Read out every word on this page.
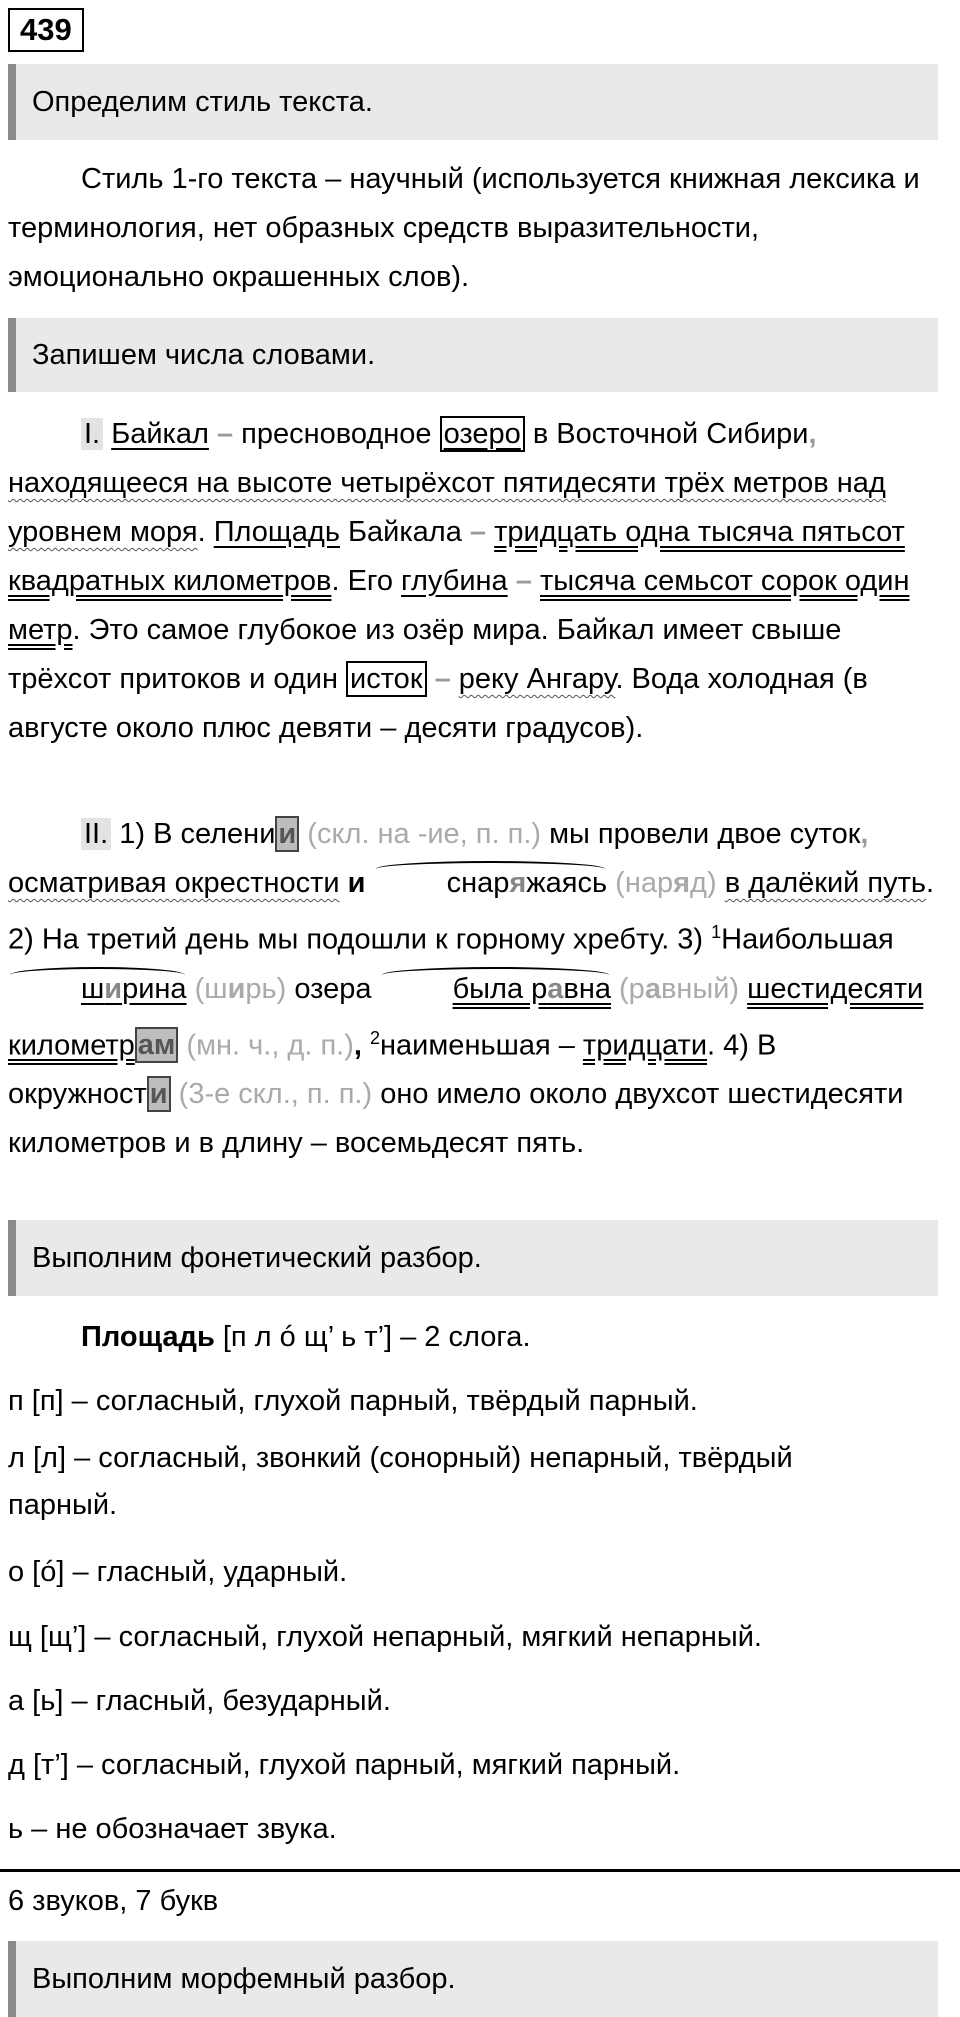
439
Определим стиль текста.

Стиль 1-го текста – научный (используется книжная лексика и терминология, нет образных средств выразительности, эмоционально окрашенных слов).

Запишем числа словами.

I. Байкал – пресноводное озеро в Восточной Сибири, находящееся на высоте четырёхсот пятидесяти трёх метров над уровнем моря. Площадь Байкала – тридцать одна тысяча пятьсот квадратных километров. Его глубина – тысяча семьсот сорок один метр. Это самое глубокое из озёр мира. Байкал имеет свыше трёхсот притоков и один исток – реку Ангару. Вода холодная (в августе около плюс девяти – десяти градусов).

II. 1) В селени и (скл. на -ие, п. п.) мы провели двое суток, осматривая окрестности и	снаряжаясь (наряд) в далёкий путь. 2) На третий день мы подошли к горному хребту. 3) $^1$Наибольшая ширина (ширь) озера	была равна (равный) шестидесяти километр ам (мн. ч., д. п.), $^2$наименьшая – тридцати. 4) В окружност и (3-е скл., п. п.) оно имело около двухсот шестидесяти километров и в длину – восемьдесят пять.

Выполним фонетический разбор.
Площадь [п л ó щ’ ь т’] – 2 слога.
п [п] – согласный, глухой парный, твёрдый парный.
л [л] – согласный, звонкий (сонорный) непарный, твёрдый
парный.
о [ó] – гласный, ударный.
щ [щ’] – согласный, глухой непарный, мягкий непарный.
а [ь] – гласный, безударный.
д [т’] – согласный, глухой парный, мягкий парный.
ь – не обозначает звука.
6 звуков, 7 букв
Выполним морфемный разбор.
